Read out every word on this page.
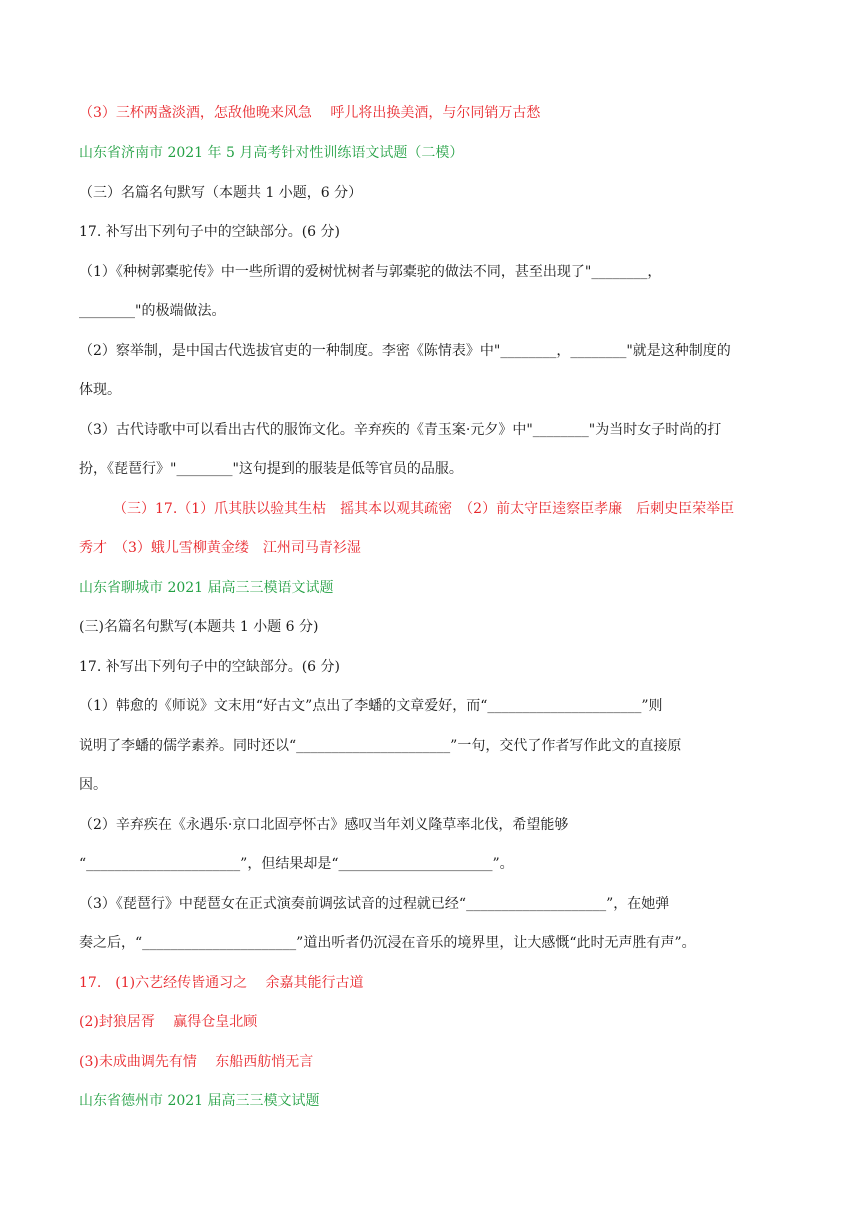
（3）三杯两盏淡酒，怎敌他晚来风急　 呼儿将出换美酒，与尔同销万古愁
山东省济南市 2021 年 5 月高考针对性训练语文试题（二模）
（三）名篇名句默写（本题共 1 小题，6 分）
17. 补写出下列句子中的空缺部分。(6 分)
（1）《种树郭橐驼传》中一些所谓的爱树忧树者与郭橐驼的做法不同，甚至出现了"________，
________"的极端做法。
（2）察举制，是中国古代选拔官吏的一种制度。李密《陈情表》中"________，________"就是这种制度的
体现。
（3）古代诗歌中可以看出古代的服饰文化。辛弃疾的《青玉案·元夕》中"________"为当时女子时尚的打
扮，《琵琶行》"________"这句提到的服装是低等官员的品服。
（三）17.（1）爪其肤以验其生枯　摇其本以观其疏密　（2）前太守臣逵察臣孝廉　后刺史臣荣举臣
秀才　（3）蛾儿雪柳黄金缕　江州司马青衫湿
山东省聊城市 2021 届高三三模语文试题
(三)名篇名句默写(本题共 1 小题 6 分)
17. 补写出下列句子中的空缺部分。(6 分)
（1）韩愈的《师说》文末用“好古文”点出了李蟠的文章爱好，而“______________________”则
说明了李蟠的儒学素养。同时还以“______________________”一句，交代了作者写作此文的直接原
因。
（2）辛弃疾在《永遇乐·京口北固亭怀古》感叹当年刘义隆草率北伐，希望能够
“______________________”，但结果却是“______________________”。
（3）《琵琶行》中琵琶女在正式演奏前调弦试音的过程就已经“____________________”，在她弹
奏之后，“______________________”道出听者仍沉浸在音乐的境界里，让大感慨“此时无声胜有声”。
17.　(1)六艺经传皆通习之　 余嘉其能行古道
(2)封狼居胥　 赢得仓皇北顾
(3)未成曲调先有情　 东船西舫悄无言
山东省德州市 2021 届高三三模文试题
